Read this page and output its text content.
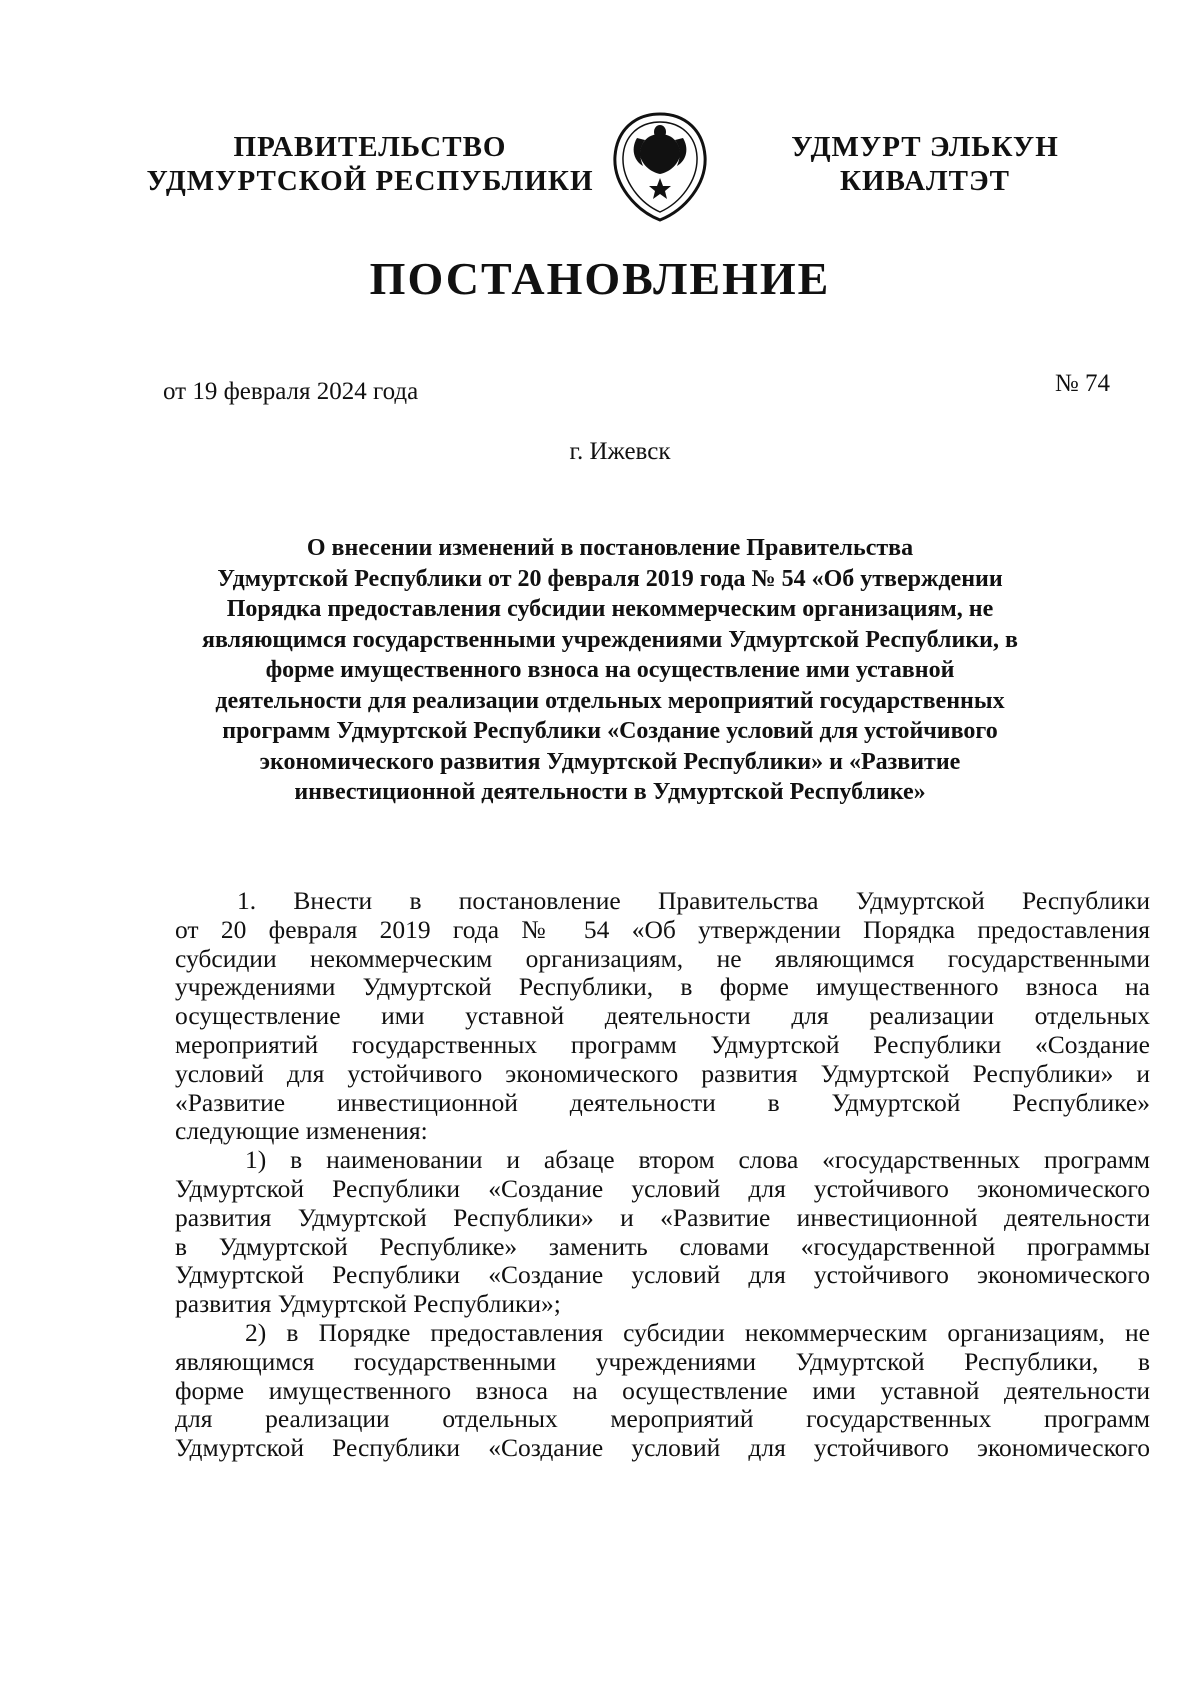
ПРАВИТЕЛЬСТВО
УДМУРТСКОЙ РЕСПУБЛИКИ
УДМУРТ ЭЛЬКУН
КИВАЛТЭТ
ПОСТАНОВЛЕНИЕ
от 19 февраля 2024 года	№ 74
г. Ижевск
О внесении изменений в постановление Правительства
Удмуртской Республики от 20 февраля 2019 года № 54 «Об утверждении
Порядка предоставления субсидии некоммерческим организациям, не
являющимся государственными учреждениями Удмуртской Республики, в
форме имущественного взноса на осуществление ими уставной
деятельности для реализации отдельных мероприятий государственных
программ Удмуртской Республики «Создание условий для устойчивого
экономического развития Удмуртской Республики» и «Развитие
инвестиционной деятельности в Удмуртской Республике»
1. Внести в постановление Правительства Удмуртской Республики
от 20 февраля 2019 года № 54 «Об утверждении Порядка предоставления
субсидии некоммерческим организациям, не являющимся государственными
учреждениями Удмуртской Республики, в форме имущественного взноса на
осуществление ими уставной деятельности для реализации отдельных
мероприятий государственных программ Удмуртской Республики «Создание
условий для устойчивого экономического развития Удмуртской Республики» и
«Развитие инвестиционной деятельности в Удмуртской Республике»
следующие изменения:
1) в наименовании и абзаце втором слова «государственных программ
Удмуртской Республики «Создание условий для устойчивого экономического
развития Удмуртской Республики» и «Развитие инвестиционной деятельности
в Удмуртской Республике» заменить словами «государственной программы
Удмуртской Республики «Создание условий для устойчивого экономического
развития Удмуртской Республики»;
2) в Порядке предоставления субсидии некоммерческим организациям, не
являющимся государственными учреждениями Удмуртской Республики, в
форме имущественного взноса на осуществление ими уставной деятельности
для реализации отдельных мероприятий государственных программ
Удмуртской Республики «Создание условий для устойчивого экономического
